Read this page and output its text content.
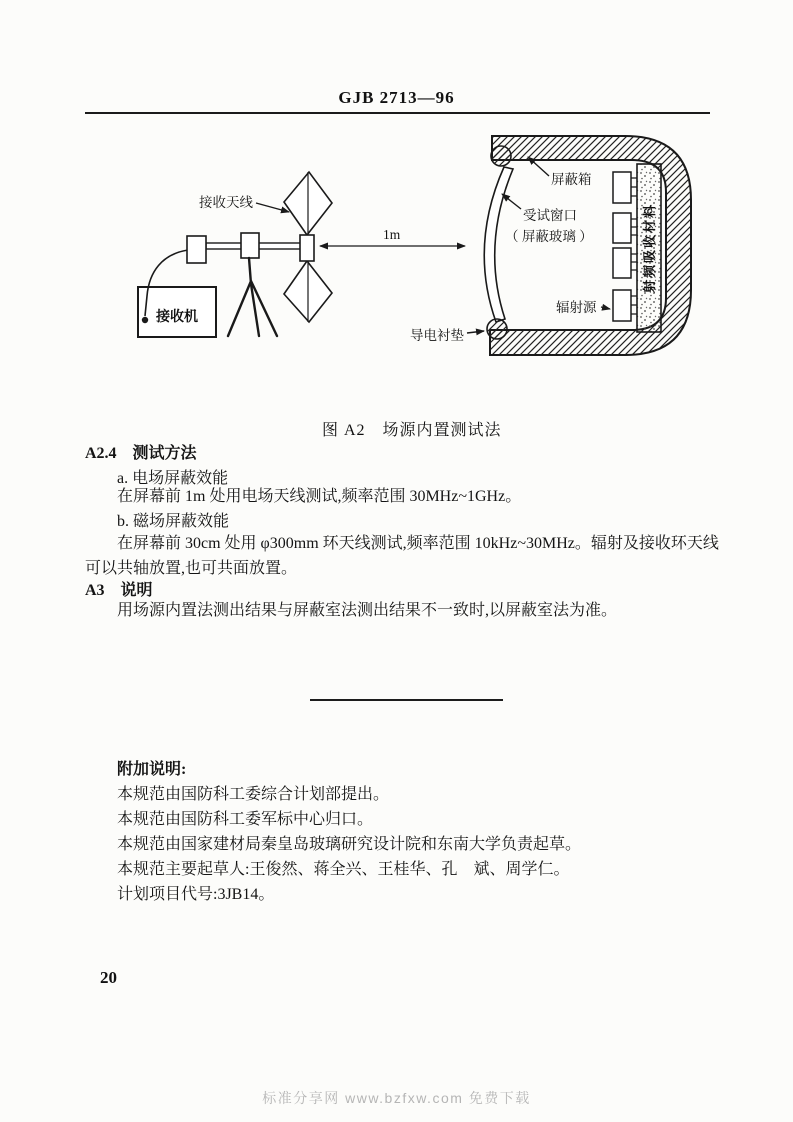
GJB 2713—96
接收机
接收天线
1m	射频吸收材料
屏蔽箱
受试窗口
（ 屏蔽玻璃 ）
导电衬垫
辐射源
图 A2　场源内置测试法
A2.4　测试方法
a. 电场屏蔽效能
在屏幕前 1m 处用电场天线测试,频率范围 30MHz~1GHz。
b. 磁场屏蔽效能
在屏幕前 30cm 处用 φ300mm 环天线测试,频率范围 10kHz~30MHz。辐射及接收环天线可以共轴放置,也可共面放置。
A3　说明
用场源内置法测出结果与屏蔽室法测出结果不一致时,以屏蔽室法为准。
附加说明:
本规范由国防科工委综合计划部提出。
本规范由国防科工委军标中心归口。
本规范由国家建材局秦皇岛玻璃研究设计院和东南大学负责起草。
本规范主要起草人:王俊然、蒋全兴、王桂华、孔　斌、周学仁。
计划项目代号:3JB14。
20
标准分享网 www.bzfxw.com 免费下载
